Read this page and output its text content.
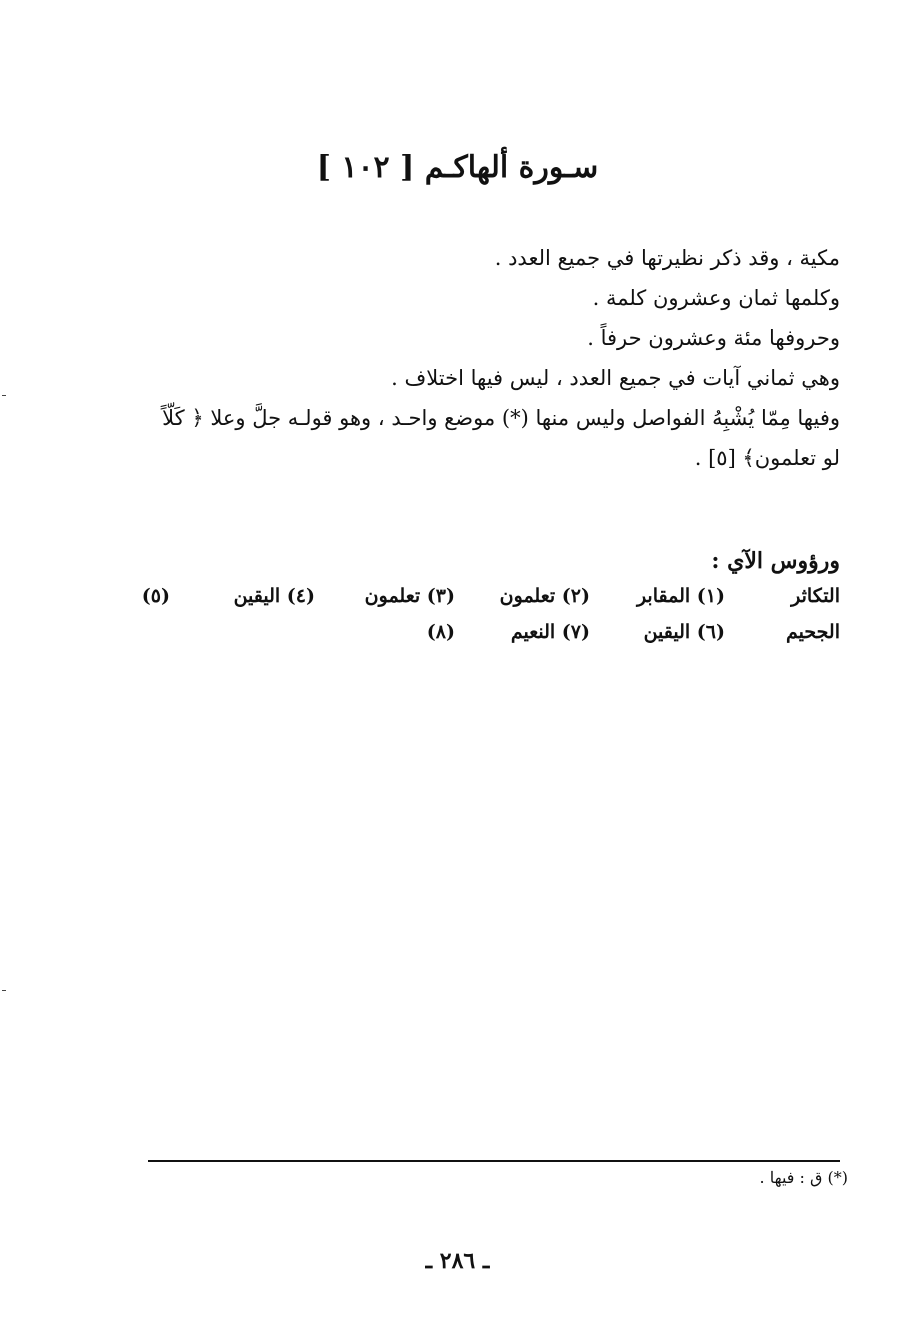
سـورة ألهاكـم [ ١٠٢ ]

مكية ، وقد ذكر نظيرتها في جميع العدد .

وكلمها ثمان وعشرون كلمة .

وحروفها مئة وعشرون حرفاً .

وهي ثماني آيات في جميع العدد ، ليس فيها اختلاف .

وفيها مِمّا يُشْبِهُ الفواصل وليس منها (*) موضع واحـد ، وهو قولـه جلَّ وعلا ﴿ كَلّاً لو تعلمون﴾ [٥] .

ورؤوس الآي :
التكاثر
(١) المقابر
(٢) تعلمون
(٣) تعلمون
(٤) اليقين
(٥)
الجحيم
(٦) اليقين
(٧) النعيم
(٨)
(*) ق : فيها .
ـ ٢٨٦ ـ
